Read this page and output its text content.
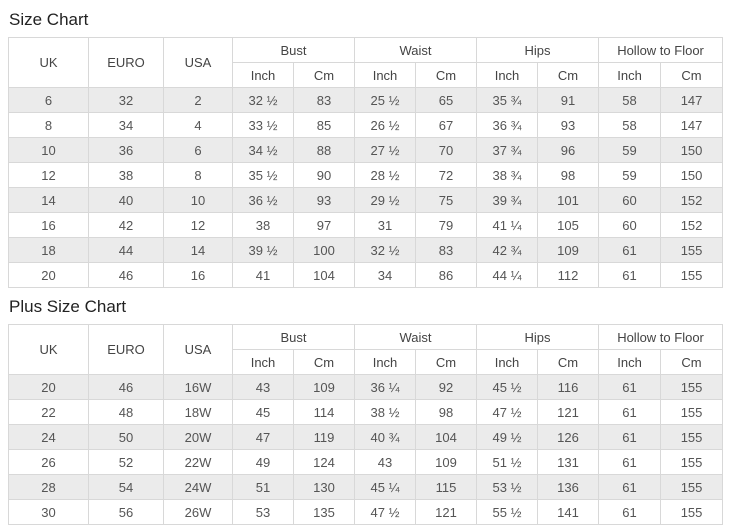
Size Chart
UK	EURO	USA	Bust		Waist		Hips		Hollow to Floor	
			Inch	Cm	Inch	Cm	Inch	Cm	Inch	Cm
6	32	2	32 ½	83	25 ½	65	35 ¾	91	58	147
8	34	4	33 ½	85	26 ½	67	36 ¾	93	58	147
10	36	6	34 ½	88	27 ½	70	37 ¾	96	59	150
12	38	8	35 ½	90	28 ½	72	38 ¾	98	59	150
14	40	10	36 ½	93	29 ½	75	39 ¾	101	60	152
16	42	12	38	97	31	79	41 ¼	105	60	152
18	44	14	39 ½	100	32 ½	83	42 ¾	109	61	155
20	46	16	41	104	34	86	44 ¼	112	61	155
Plus Size Chart
UK	EURO	USA	Bust		Waist		Hips		Hollow to Floor	
			Inch	Cm	Inch	Cm	Inch	Cm	Inch	Cm
20	46	16W	43	109	36 ¼	92	45 ½	116	61	155
22	48	18W	45	114	38 ½	98	47 ½	121	61	155
24	50	20W	47	119	40 ¾	104	49 ½	126	61	155
26	52	22W	49	124	43	109	51 ½	131	61	155
28	54	24W	51	130	45 ¼	115	53 ½	136	61	155
30	56	26W	53	135	47 ½	121	55 ½	141	61	155
